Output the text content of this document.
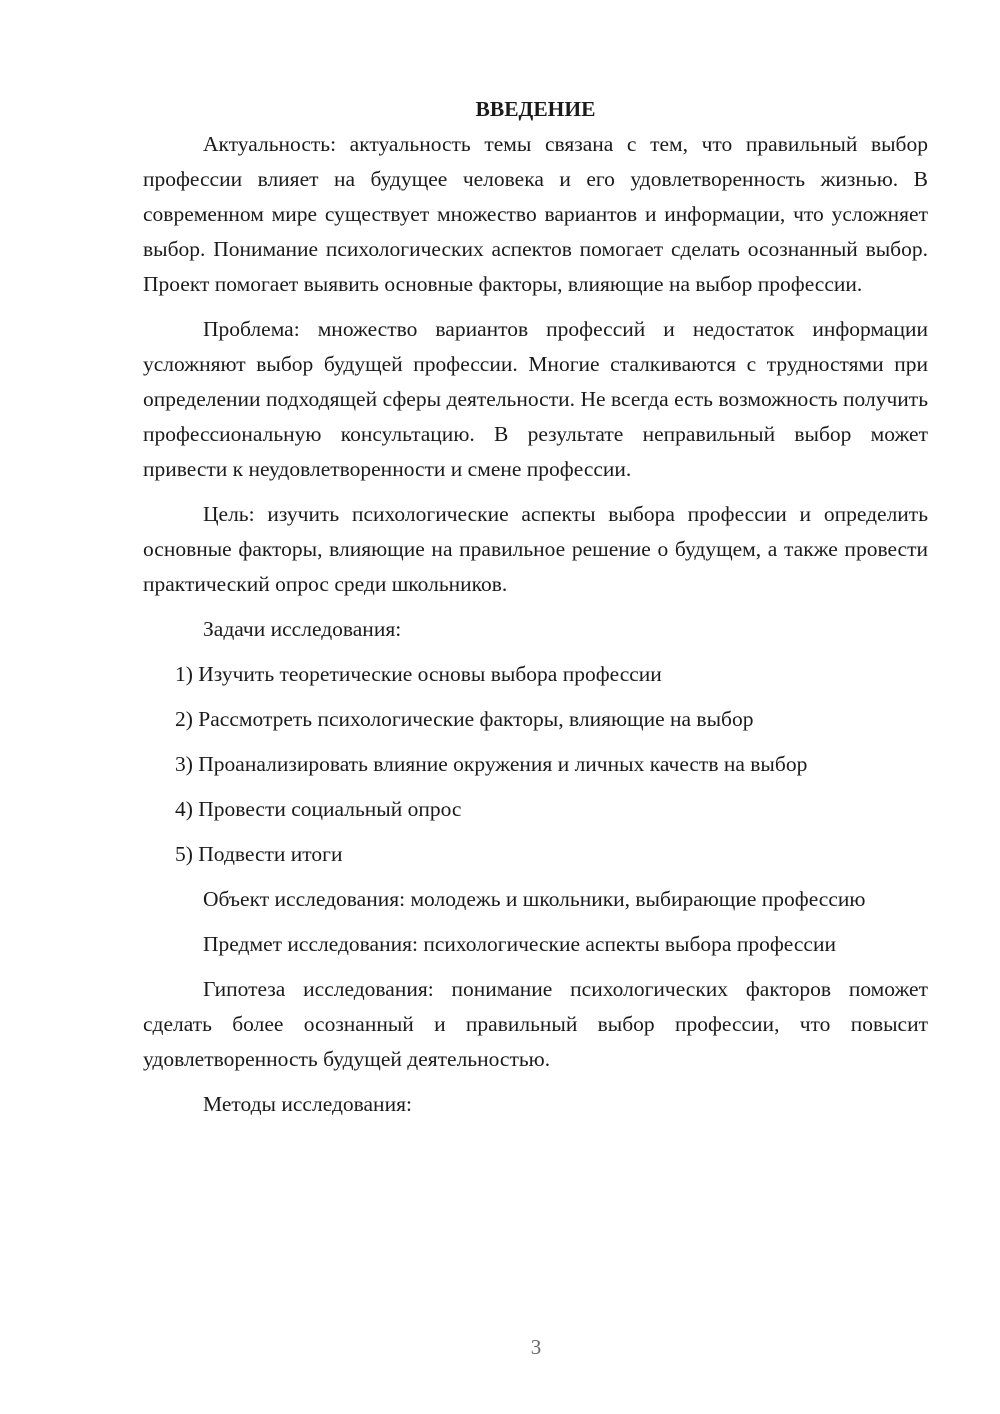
ВВЕДЕНИЕ

Актуальность: актуальность темы связана с тем, что правильный выбор профессии влияет на будущее человека и его удовлетворенность жизнью. В современном мире существует множество вариантов и информации, что усложняет выбор. Понимание психологических аспектов помогает сделать осознанный выбор. Проект помогает выявить основные факторы, влияющие на выбор профессии.

Проблема: множество вариантов профессий и недостаток информации усложняют выбор будущей профессии. Многие сталкиваются с трудностями при определении подходящей сферы деятельности. Не всегда есть возможность получить профессиональную консультацию. В результате неправильный выбор может привести к неудовлетворенности и смене профессии.

Цель: изучить психологические аспекты выбора профессии и определить основные факторы, влияющие на правильное решение о будущем, а также провести практический опрос среди школьников.

Задачи исследования:

1) Изучить теоретические основы выбора профессии
2) Рассмотреть психологические факторы, влияющие на выбор
3) Проанализировать влияние окружения и личных качеств на выбор
4) Провести социальный опрос
5) Подвести итоги

Объект исследования: молодежь и школьники, выбирающие профессию

Предмет исследования: психологические аспекты выбора профессии

Гипотеза исследования: понимание психологических факторов поможет сделать более осознанный и правильный выбор профессии, что повысит удовлетворенность будущей деятельностью.

Методы исследования:

3
